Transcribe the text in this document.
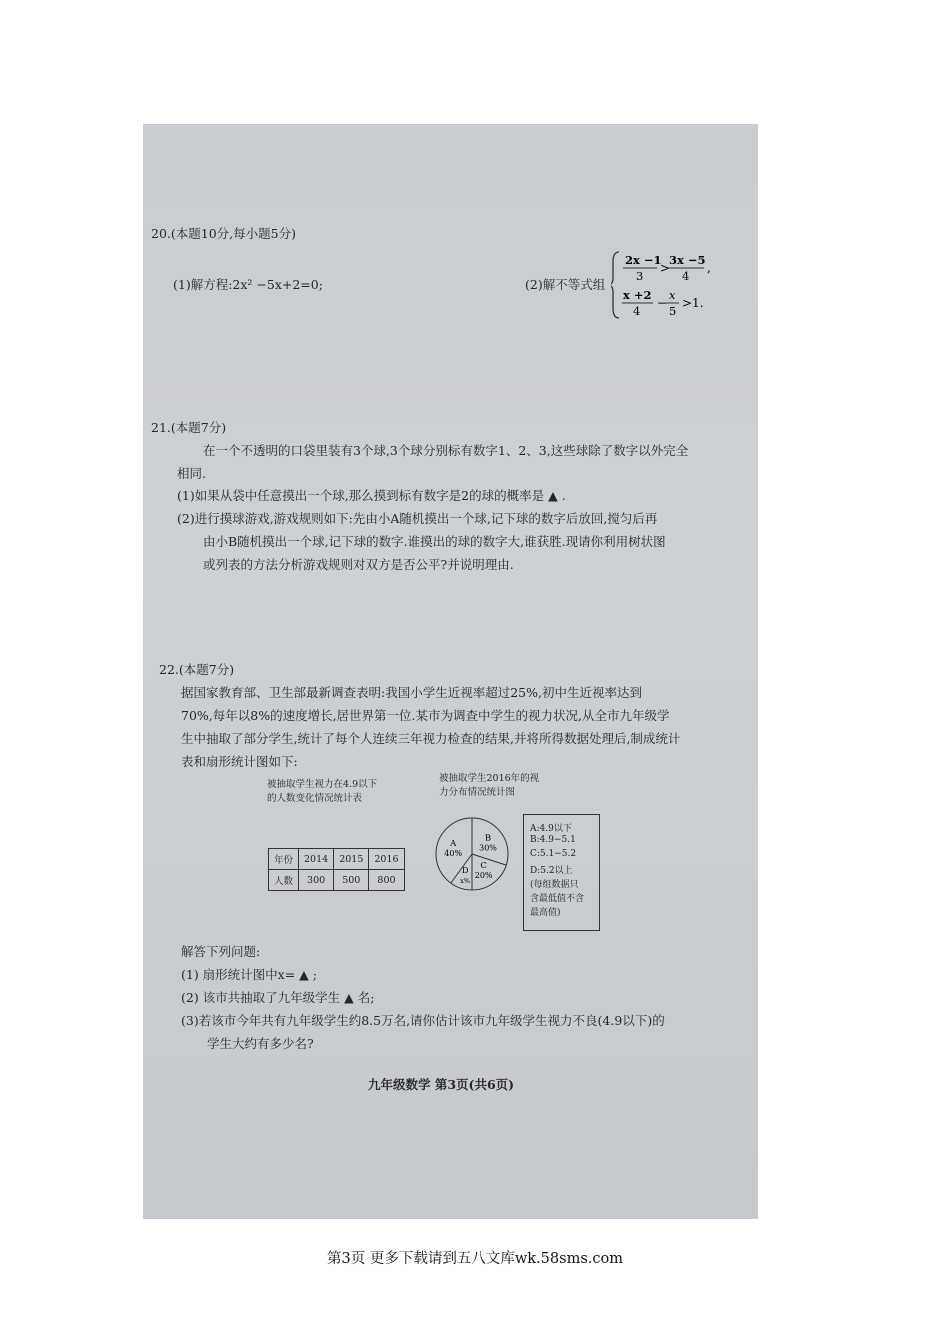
20.(本题10分,每小题5分)
(1)解方程:2x² −5x+2=0;	(2)解不等式组
2x −1
3
>
3x −5
4
,
x +2
4
−
x
5
>1.
21.(本题7分)
在一个不透明的口袋里装有3个球,3个球分别标有数字1、2、3,这些球除了数字以外完全
相同.
(1)如果从袋中任意摸出一个球,那么摸到标有数字是2的球的概率是 ▲ .
(2)进行摸球游戏,游戏规则如下:先由小A随机摸出一个球,记下球的数字后放回,搅匀后再
由小B随机摸出一个球,记下球的数字.谁摸出的球的数字大,谁获胜.现请你利用树状图
或列表的方法分析游戏规则对双方是否公平?并说明理由.
22.(本题7分)
据国家教育部、卫生部最新调查表明:我国小学生近视率超过25%,初中生近视率达到
70%,每年以8%的速度增长,居世界第一位.某市为调查中学生的视力状况,从全市九年级学
生中抽取了部分学生,统计了每个人连续三年视力检查的结果,并将所得数据处理后,制成统计
表和扇形统计图如下:
被抽取学生视力在4.9以下
的人数变化情况统计表
年份	2014	2015	2016
人数	300	500	800
被抽取学生2016年的视
力分布情况统计图
B
30%
C
20%
D
x%
A
40%
A:4.9以下
B:4.9−5.1
C:5.1−5.2
D:5.2以上
(每组数据只
含最低值不含
最高值)
解答下列问题:
(1) 扇形统计图中x= ▲ ;
(2) 该市共抽取了九年级学生 ▲ 名;
(3)若该市今年共有九年级学生约8.5万名,请你估计该市九年级学生视力不良(4.9以下)的
学生大约有多少名?
九年级数学 第3页(共6页)
第3页 更多下载请到五八文库wk.58sms.com
